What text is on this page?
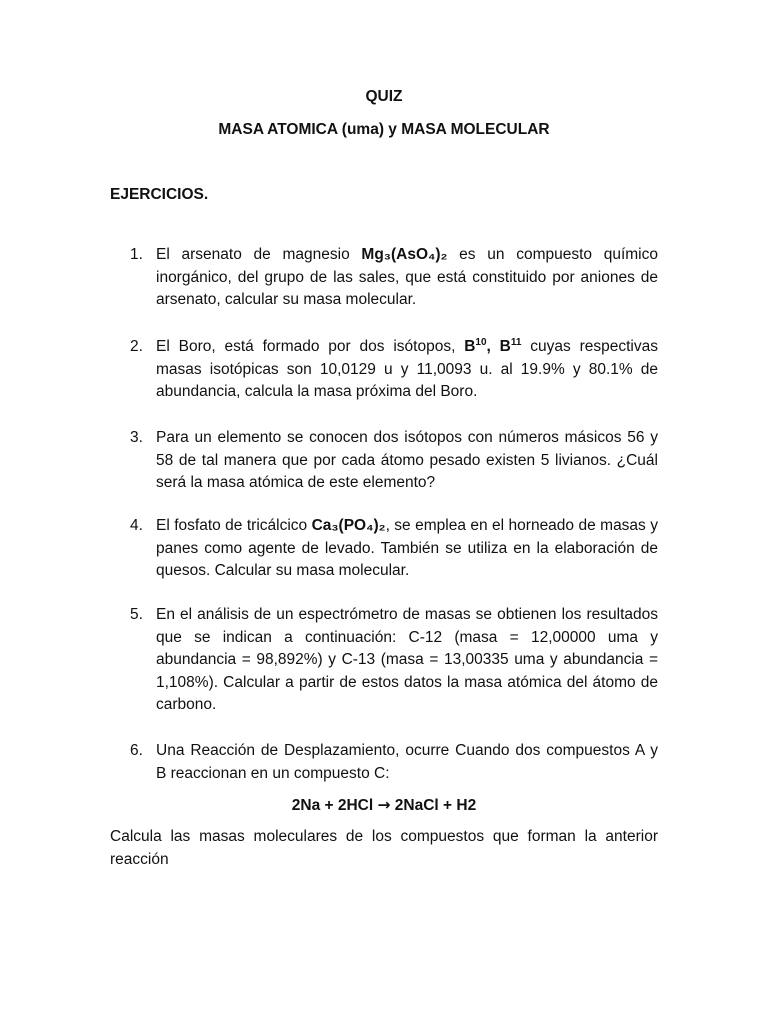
QUIZ
MASA ATOMICA (uma) y MASA MOLECULAR
EJERCICIOS.
1. El arsenato de magnesio Mg₃(AsO₄)₂ es un compuesto químico inorgánico, del grupo de las sales, que está constituido por aniones de arsenato, calcular su masa molecular.
2. El Boro, está formado por dos isótopos, $B^{10}$, $B^{11}$ cuyas respectivas masas isotópicas son 10,0129 u y 11,0093 u. al 19.9% y 80.1% de abundancia, calcula la masa próxima del Boro.
3. Para un elemento se conocen dos isótopos con números másicos 56 y 58 de tal manera que por cada átomo pesado existen 5 livianos. ¿Cuál será la masa atómica de este elemento?
4. El fosfato de tricálcico Ca₃(PO₄)₂, se emplea en el horneado de masas y panes como agente de levado. También se utiliza en la elaboración de quesos. Calcular su masa molecular.
5. En el análisis de un espectrómetro de masas se obtienen los resultados que se indican a continuación: C-12 (masa = 12,00000 uma y abundancia = 98,892%) y C-13 (masa = 13,00335 uma y abundancia = 1,108%). Calcular a partir de estos datos la masa atómica del átomo de carbono.
6. Una Reacción de Desplazamiento, ocurre Cuando dos compuestos A y B reaccionan en un compuesto C:
2Na + 2HCl → 2NaCl + H2
Calcula las masas moleculares de los compuestos que forman la anterior reacción
